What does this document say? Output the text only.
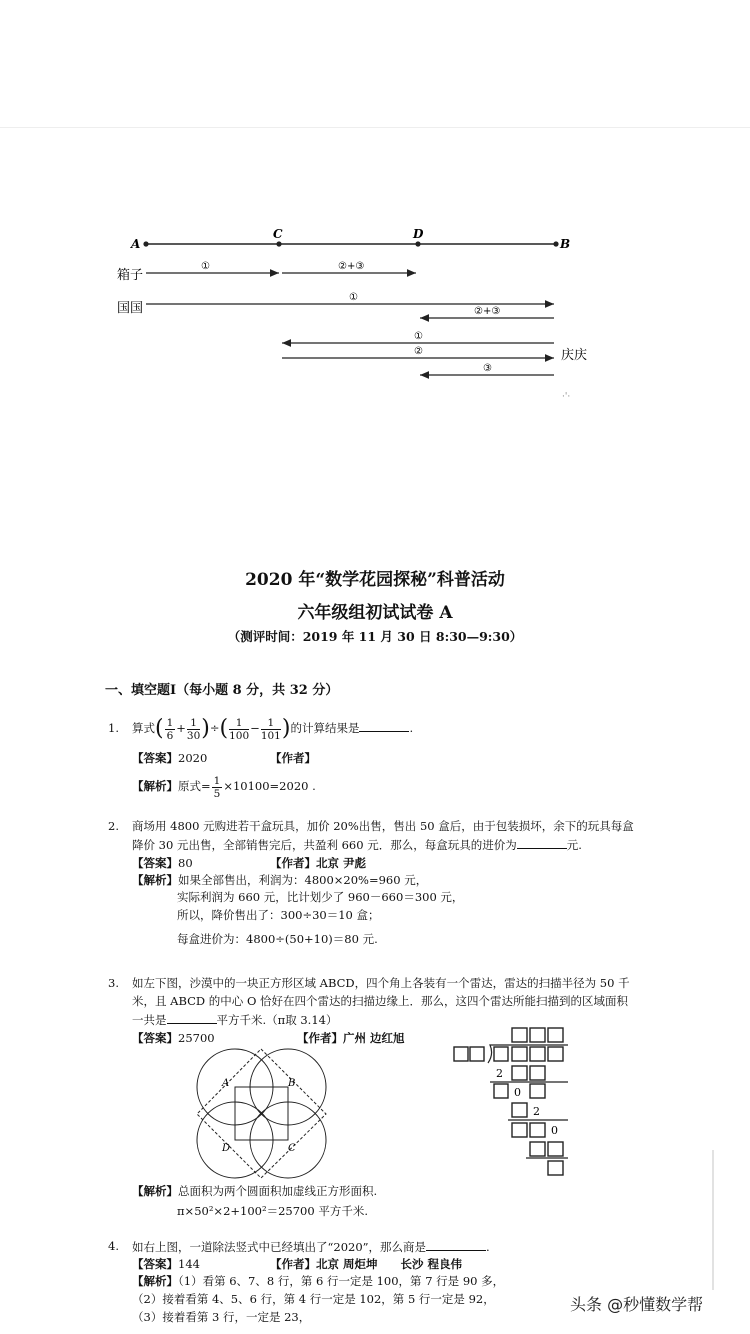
A
C	D
B
箱子
①	②+③
国国
①
②+③
①
②	庆庆
③
·'·
2020 年“数学花园探秘”科普活动
六年级组初试试卷 A
（测评时间：2019 年 11 月 30 日 8:30—9:30）
一、填空题Ⅰ（每小题 8 分，共 32 分）
1. 算式( $\frac{1}{6} + \frac{1}{30}$ )÷( $\frac{1}{100} - \frac{1}{101}$ )的计算结果是	.
【答案】2020	【作者】
【解析】原式= $\frac{1}{5} \times 10100=2020$ .
2. 商场用 4800 元购进若干盒玩具，加价 20%出售，售出 50 盒后，由于包装损坏，余下的玩具每盒
降价 30 元出售，全部销售完后，共盈利 660 元．那么，每盒玩具的进价为	元.
【答案】80	【作者】北京 尹彪
【解析】如果全部售出，利润为：4800×20%=960 元，
实际利润为 660 元，比计划少了 960－660＝300 元，
所以，降价售出了：300÷30＝10 盒；
每盒进价为：4800÷(50+10)＝80 元.
3. 如左下图，沙漠中的一块正方形区域 ABCD，四个角上各装有一个雷达，雷达的扫描半径为 50 千
米，且 ABCD 的中心 O 恰好在四个雷达的扫描边缘上．那么，这四个雷达所能扫描到的区域面积
一共是	平方千米.（π取 3.14）
【答案】25700	【作者】广州 边红旭
A	B
C
D
2
0
2
0
【解析】总面积为两个圆面积加虚线正方形面积.
π×50²×2+100²＝25700 平方千米.
4. 如右上图，一道除法竖式中已经填出了“2020”，那么商是	.
【答案】144	【作者】北京 周炬坤　　长沙 程良伟
【解析】（1）看第 6、7、8 行，第 6 行一定是 100，第 7 行是 90 多，
（2）接着看第 4、5、6 行，第 4 行一定是 102，第 5 行一定是 92，
（3）接着看第 3 行，一定是 23，
头条 @秒懂数学帮
